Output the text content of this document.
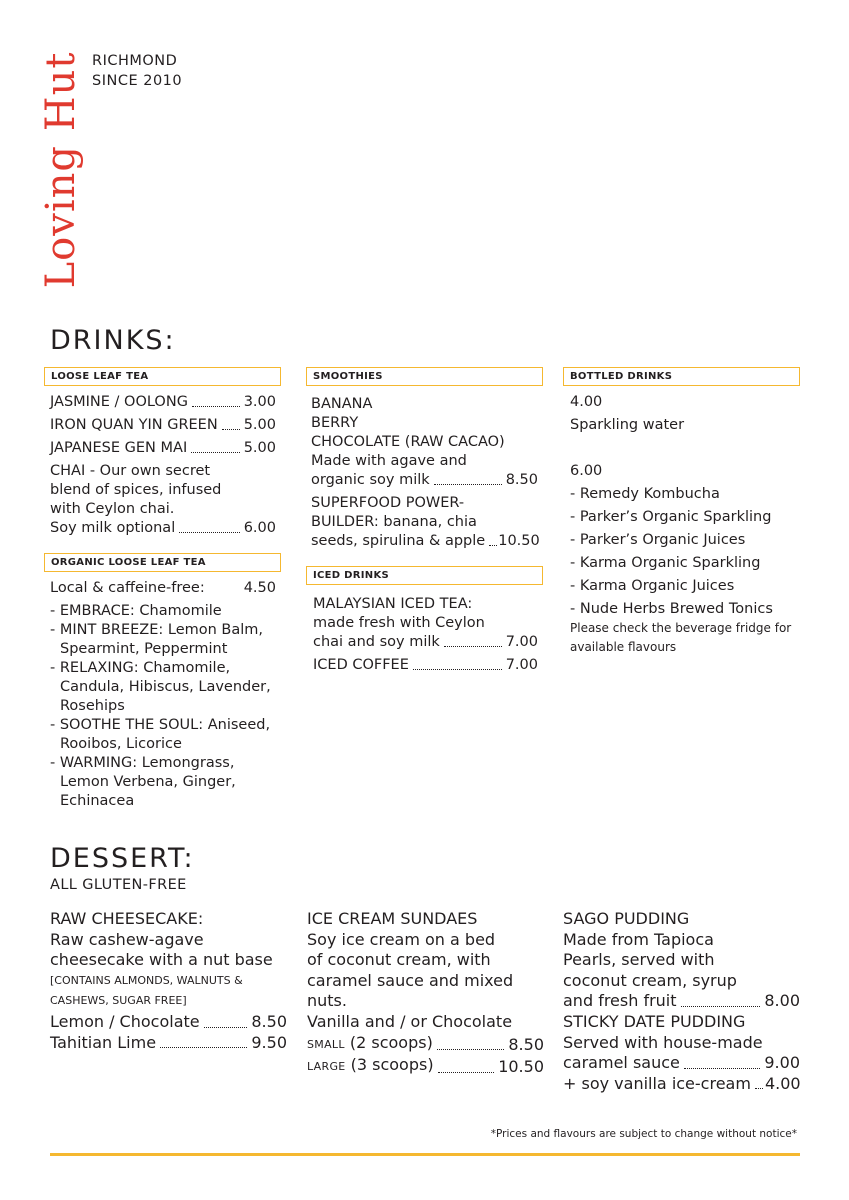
Loving Hut RICHMOND
SINCE 2010
DRINKS:
LOOSE LEAF TEA
JASMINE / OOLONG	3.00
IRON QUAN YIN GREEN 5.00
JAPANESE GEN MAI	5.00
CHAI - Our own secret
blend of spices, infused
with Ceylon chai.
Soy milk optional	6.00
ORGANIC LOOSE LEAF TEA
Local & caffeine-free:	4.50
- EMBRACE: Chamomile
- MINT BREEZE: Lemon Balm,
Spearmint, Peppermint
- RELAXING: Chamomile,
Candula, Hibiscus, Lavender,
Rosehips
- SOOTHE THE SOUL: Aniseed,
Rooibos, Licorice
- WARMING: Lemongrass,
Lemon Verbena, Ginger,
Echinacea
SMOOTHIES
BANANA
BERRY
CHOCOLATE (RAW CACAO)
Made with agave and
organic soy milk	8.50
SUPERFOOD POWER-
BUILDER: banana, chia
seeds, spirulina & apple 10.50
ICED DRINKS
MALAYSIAN ICED TEA:
made fresh with Ceylon
chai and soy milk	7.00
ICED COFFEE	7.00
BOTTLED DRINKS
4.00
Sparkling water
6.00
- Remedy Kombucha
- Parker’s Organic Sparkling
- Parker’s Organic Juices
- Karma Organic Sparkling
- Karma Organic Juices
- Nude Herbs Brewed Tonics
Please check the beverage fridge for
available flavours
DESSERT:
ALL GLUTEN-FREE
RAW CHEESECAKE:
Raw cashew-agave
cheesecake with a nut base
[CONTAINS ALMONDS, WALNUTS &
CASHEWS, SUGAR FREE]
Lemon / Chocolate	8.50
Tahitian Lime	9.50
ICE CREAM SUNDAES
Soy ice cream on a bed
of coconut cream, with
caramel sauce and mixed
nuts.
Vanilla and / or Chocolate
SMALL (2 scoops)	8.50
LARGE (3 scoops)	10.50
SAGO PUDDING
Made from Tapioca
Pearls, served with
coconut cream, syrup
and fresh fruit	8.00
STICKY DATE PUDDING
Served with house-made
caramel sauce	9.00
+ soy vanilla ice-cream 4.00
*Prices and flavours are subject to change without notice*
